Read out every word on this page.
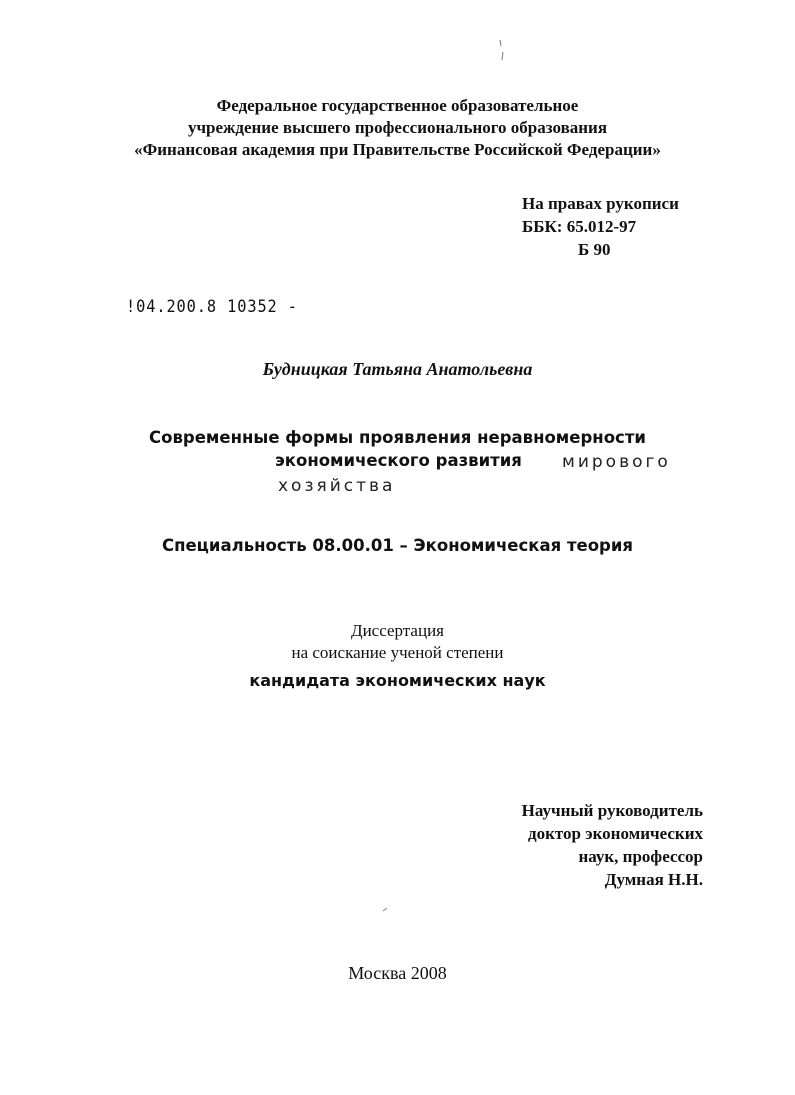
Федеральное государственное образовательное
учреждение высшего профессионального образования
«Финансовая академия при Правительстве Российской Федерации»
На правах рукописи
ББК: 65.012-97
Б 90
!04.200.8 10352 -
Будницкая Татьяна Анатольевна
Современные формы проявления неравномерности
экономического развития мирового
хозяйства
Специальность 08.00.01 – Экономическая теория
Диссертация
на соискание ученой степени
кандидата экономических наук
Научный руководитель
доктор экономических
наук, профессор
Думная Н.Н.
Москва 2008
